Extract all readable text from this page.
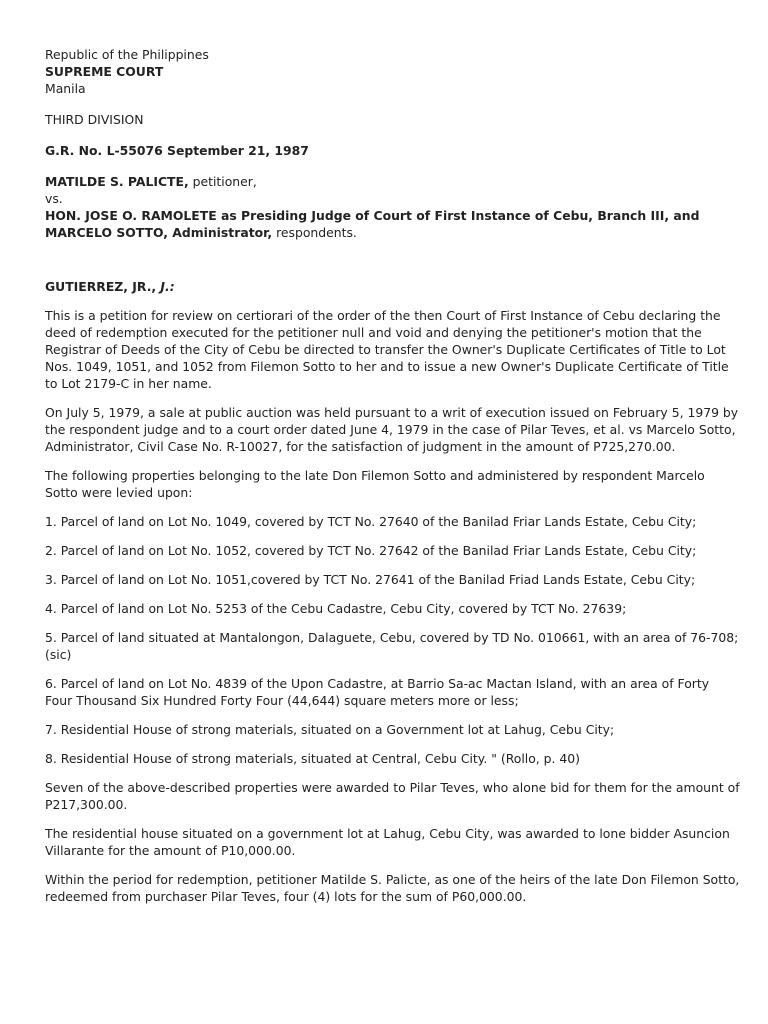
Republic of the Philippines

SUPREME COURT

Manila

THIRD DIVISION

G.R. No. L-55076 September 21, 1987

MATILDE S. PALICTE, petitioner,

vs.

HON. JOSE O. RAMOLETE as Presiding Judge of Court of First Instance of Cebu, Branch III, and MARCELO SOTTO, Administrator, respondents.

GUTIERREZ, JR., J.:

This is a petition for review on certiorari of the order of the then Court of First Instance of Cebu declaring the deed of redemption executed for the petitioner null and void and denying the petitioner's motion that the Registrar of Deeds of the City of Cebu be directed to transfer the Owner's Duplicate Certificates of Title to Lot Nos. 1049, 1051, and 1052 from Filemon Sotto to her and to issue a new Owner's Duplicate Certificate of Title to Lot 2179-C in her name.

On July 5, 1979, a sale at public auction was held pursuant to a writ of execution issued on February 5, 1979 by the respondent judge and to a court order dated June 4, 1979 in the case of Pilar Teves, et al. vs Marcelo Sotto, Administrator, Civil Case No. R-10027, for the satisfaction of judgment in the amount of P725,270.00.

The following properties belonging to the late Don Filemon Sotto and administered by respondent Marcelo Sotto were levied upon:

1. Parcel of land on Lot No. 1049, covered by TCT No. 27640 of the Banilad Friar Lands Estate, Cebu City;

2. Parcel of land on Lot No. 1052, covered by TCT No. 27642 of the Banilad Friar Lands Estate, Cebu City;

3. Parcel of land on Lot No. 1051,covered by TCT No. 27641 of the Banilad Friad Lands Estate, Cebu City;

4. Parcel of land on Lot No. 5253 of the Cebu Cadastre, Cebu City, covered by TCT No. 27639;

5. Parcel of land situated at Mantalongon, Dalaguete, Cebu, covered by TD No. 010661, with an area of 76-708; (sic)

6. Parcel of land on Lot No. 4839 of the Upon Cadastre, at Barrio Sa-ac Mactan Island, with an area of Forty Four Thousand Six Hundred Forty Four (44,644) square meters more or less;

7. Residential House of strong materials, situated on a Government lot at Lahug, Cebu City;

8. Residential House of strong materials, situated at Central, Cebu City. " (Rollo, p. 40)

Seven of the above-described properties were awarded to Pilar Teves, who alone bid for them for the amount of P217,300.00.

The residential house situated on a government lot at Lahug, Cebu City, was awarded to lone bidder Asuncion Villarante for the amount of P10,000.00.

Within the period for redemption, petitioner Matilde S. Palicte, as one of the heirs of the late Don Filemon Sotto, redeemed from purchaser Pilar Teves, four (4) lots for the sum of P60,000.00.
